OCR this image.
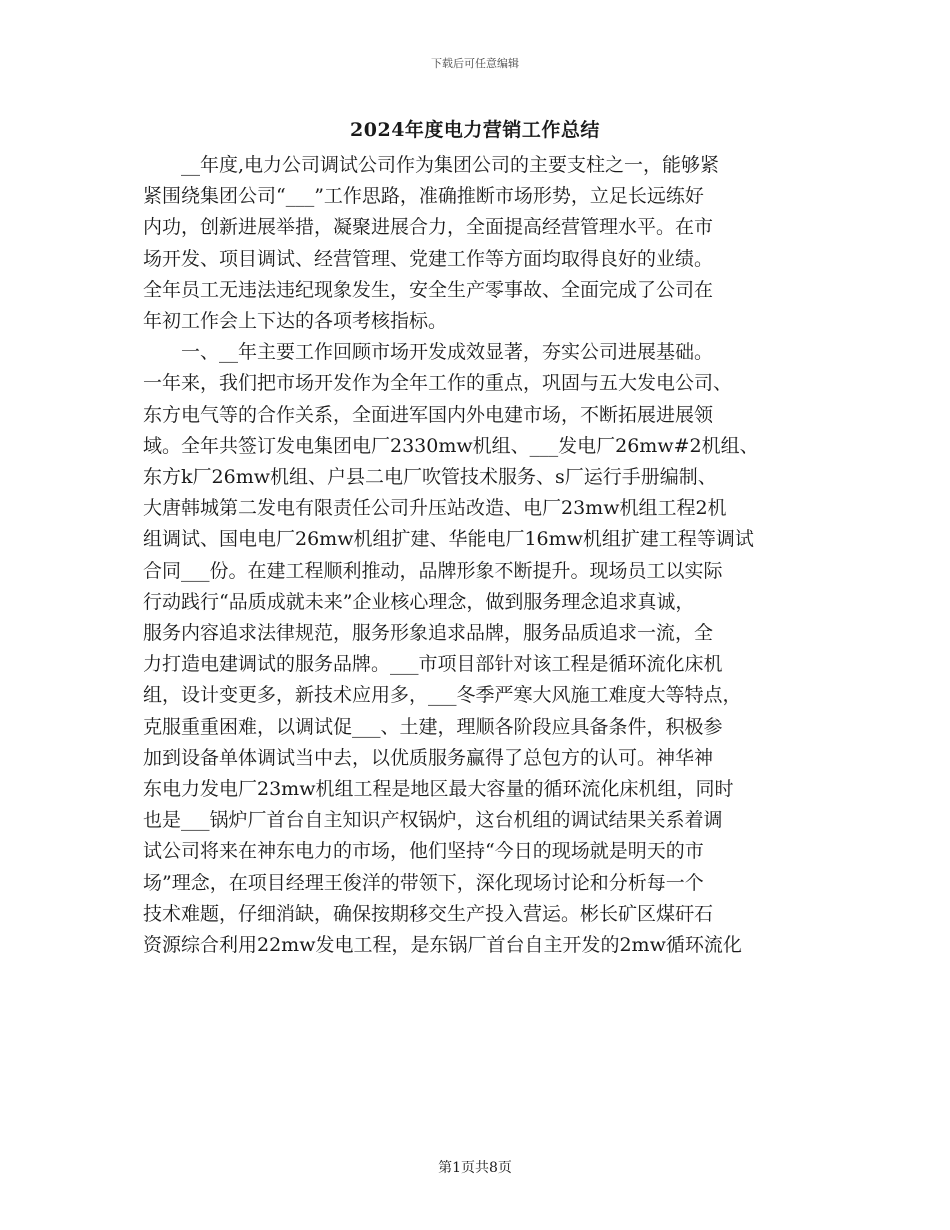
下载后可任意编辑
2024年度电力营销工作总结
　　__年度,电力公司调试公司作为集团公司的主要支柱之一，能够紧
紧围绕集团公司“___”工作思路，准确推断市场形势，立足长远练好
内功，创新进展举措，凝聚进展合力，全面提高经营管理水平。在市
场开发、项目调试、经营管理、党建工作等方面均取得良好的业绩。
全年员工无违法违纪现象发生，安全生产零事故、全面完成了公司在
年初工作会上下达的各项考核指标。
　　一、__年主要工作回顾市场开发成效显著，夯实公司进展基础。
一年来，我们把市场开发作为全年工作的重点，巩固与五大发电公司、
东方电气等的合作关系，全面进军国内外电建市场，不断拓展进展领
域。全年共签订发电集团电厂2330mw机组、___发电厂26mw#2机组、
东方k厂26mw机组、户县二电厂吹管技术服务、s厂运行手册编制、
大唐韩城第二发电有限责任公司升压站改造、电厂23mw机组工程2机
组调试、国电电厂26mw机组扩建、华能电厂16mw机组扩建工程等调试
合同___份。在建工程顺利推动，品牌形象不断提升。现场员工以实际
行动践行“品质成就未来”企业核心理念，做到服务理念追求真诚，
服务内容追求法律规范，服务形象追求品牌，服务品质追求一流，全
力打造电建调试的服务品牌。___市项目部针对该工程是循环流化床机
组，设计变更多，新技术应用多，___冬季严寒大风施工难度大等特点，
克服重重困难，以调试促___、土建，理顺各阶段应具备条件，积极参
加到设备单体调试当中去，以优质服务赢得了总包方的认可。神华神
东电力发电厂23mw机组工程是地区最大容量的循环流化床机组，同时
也是___锅炉厂首台自主知识产权锅炉，这台机组的调试结果关系着调
试公司将来在神东电力的市场，他们坚持“今日的现场就是明天的市
场”理念，在项目经理王俊洋的带领下，深化现场讨论和分析每一个
技术难题，仔细消缺，确保按期移交生产投入营运。彬长矿区煤矸石
资源综合利用22mw发电工程，是东锅厂首台自主开发的2mw循环流化
第1页共8页
